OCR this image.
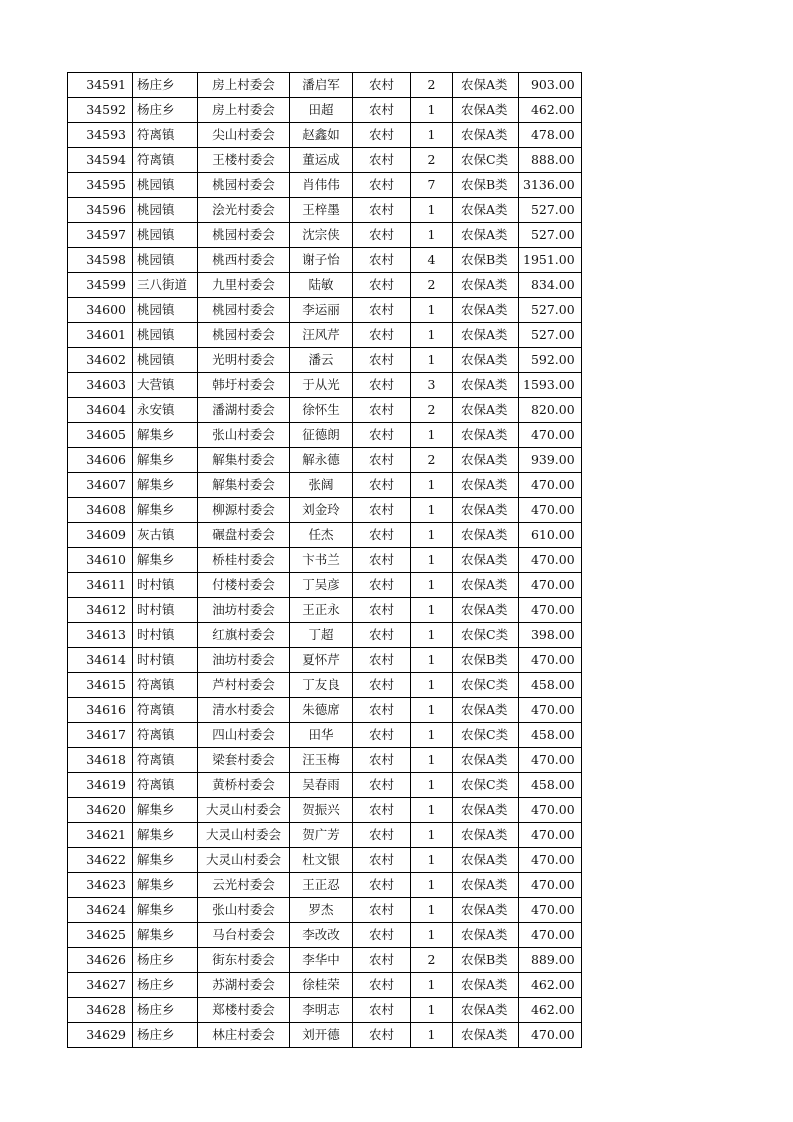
34591	杨庄乡	房上村委会	潘启军	农村	2	农保A类	903.00
34592	杨庄乡	房上村委会	田超	农村	1	农保A类	462.00
34593	符离镇	尖山村委会	赵鑫如	农村	1	农保A类	478.00
34594	符离镇	王楼村委会	董运成	农村	2	农保C类	888.00
34595	桃园镇	桃园村委会	肖伟伟	农村	7	农保B类	3136.00
34596	桃园镇	浍光村委会	王梓墨	农村	1	农保A类	527.00
34597	桃园镇	桃园村委会	沈宗侠	农村	1	农保A类	527.00
34598	桃园镇	桃西村委会	谢子怡	农村	4	农保B类	1951.00
34599	三八街道	九里村委会	陆敏	农村	2	农保A类	834.00
34600	桃园镇	桃园村委会	李运丽	农村	1	农保A类	527.00
34601	桃园镇	桃园村委会	汪风芹	农村	1	农保A类	527.00
34602	桃园镇	光明村委会	潘云	农村	1	农保A类	592.00
34603	大营镇	韩圩村委会	于从光	农村	3	农保A类	1593.00
34604	永安镇	潘湖村委会	徐怀生	农村	2	农保A类	820.00
34605	解集乡	张山村委会	征德朗	农村	1	农保A类	470.00
34606	解集乡	解集村委会	解永德	农村	2	农保A类	939.00
34607	解集乡	解集村委会	张阔	农村	1	农保A类	470.00
34608	解集乡	柳源村委会	刘金玲	农村	1	农保A类	470.00
34609	灰古镇	碾盘村委会	任杰	农村	1	农保A类	610.00
34610	解集乡	桥桂村委会	卞书兰	农村	1	农保A类	470.00
34611	时村镇	付楼村委会	丁吴彦	农村	1	农保A类	470.00
34612	时村镇	油坊村委会	王正永	农村	1	农保A类	470.00
34613	时村镇	红旗村委会	丁超	农村	1	农保C类	398.00
34614	时村镇	油坊村委会	夏怀芹	农村	1	农保B类	470.00
34615	符离镇	芦村村委会	丁友良	农村	1	农保C类	458.00
34616	符离镇	清水村委会	朱德席	农村	1	农保A类	470.00
34617	符离镇	四山村委会	田华	农村	1	农保C类	458.00
34618	符离镇	梁套村委会	汪玉梅	农村	1	农保A类	470.00
34619	符离镇	黄桥村委会	吴春雨	农村	1	农保C类	458.00
34620	解集乡	大灵山村委会	贺振兴	农村	1	农保A类	470.00
34621	解集乡	大灵山村委会	贺广芳	农村	1	农保A类	470.00
34622	解集乡	大灵山村委会	杜文银	农村	1	农保A类	470.00
34623	解集乡	云光村委会	王正忍	农村	1	农保A类	470.00
34624	解集乡	张山村委会	罗杰	农村	1	农保A类	470.00
34625	解集乡	马台村委会	李改改	农村	1	农保A类	470.00
34626	杨庄乡	街东村委会	李华中	农村	2	农保B类	889.00
34627	杨庄乡	苏湖村委会	徐桂荣	农村	1	农保A类	462.00
34628	杨庄乡	郑楼村委会	李明志	农村	1	农保A类	462.00
34629	杨庄乡	林庄村委会	刘开德	农村	1	农保A类	470.00
